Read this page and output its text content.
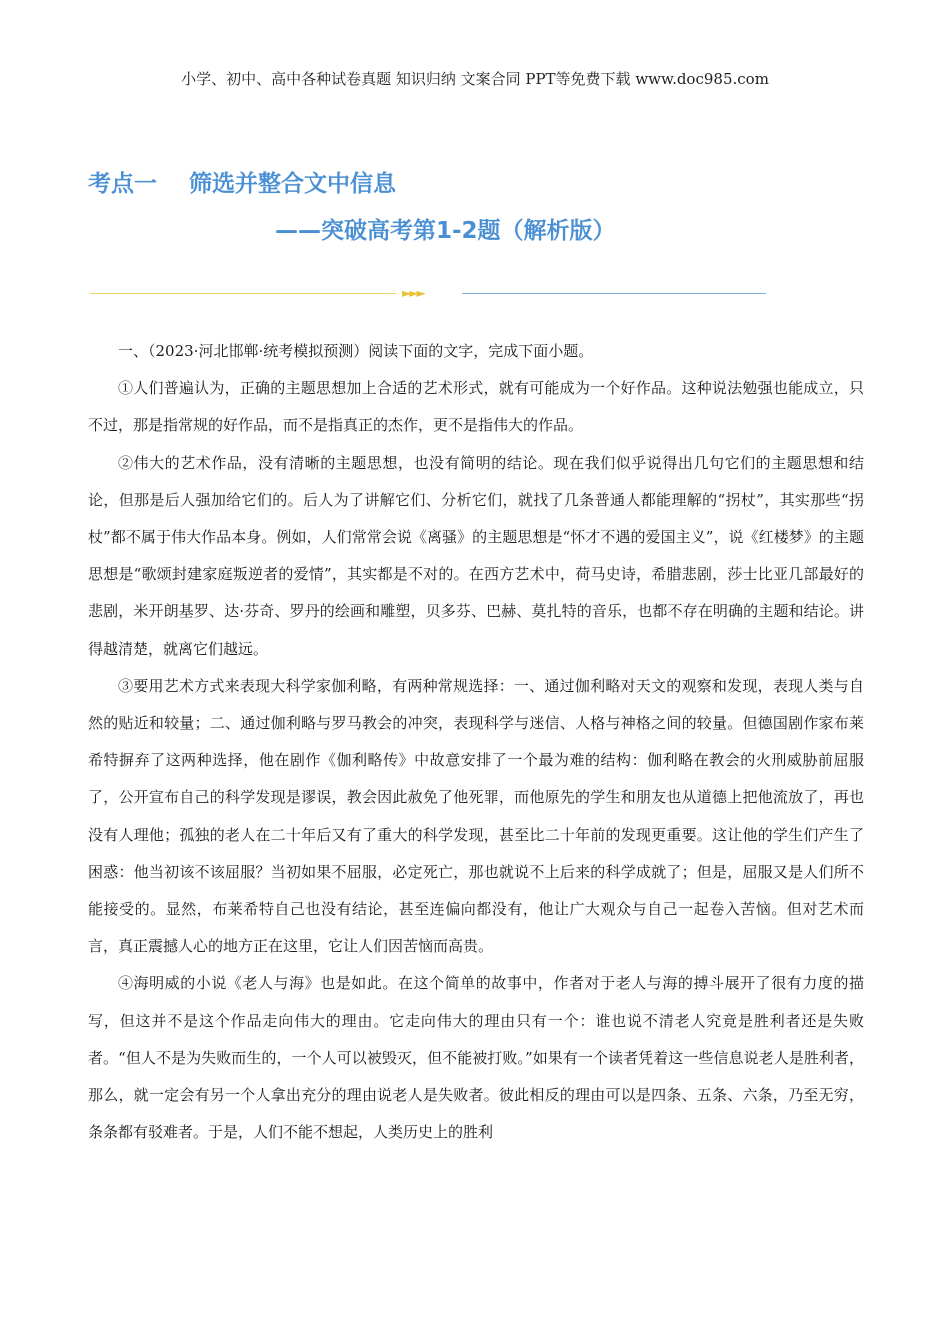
小学、初中、高中各种试卷真题 知识归纳 文案合同 PPT等免费下载 www.doc985.com
考点一    筛选并整合文中信息
——突破高考第1-2题（解析版）
►►►

一、（2023·河北邯郸·统考模拟预测）阅读下面的文字，完成下面小题。

①人们普遍认为，正确的主题思想加上合适的艺术形式，就有可能成为一个好作品。这种说法勉强也能成立，只不过，那是指常规的好作品，而不是指真正的杰作，更不是指伟大的作品。

②伟大的艺术作品，没有清晰的主题思想，也没有简明的结论。现在我们似乎说得出几句它们的主题思想和结论，但那是后人强加给它们的。后人为了讲解它们、分析它们，就找了几条普通人都能理解的“拐杖”，其实那些“拐杖”都不属于伟大作品本身。例如，人们常常会说《离骚》的主题思想是“怀才不遇的爱国主义”，说《红楼梦》的主题思想是“歌颂封建家庭叛逆者的爱情”，其实都是不对的。在西方艺术中，荷马史诗，希腊悲剧，莎士比亚几部最好的悲剧，米开朗基罗、达·芬奇、罗丹的绘画和雕塑，贝多芬、巴赫、莫扎特的音乐，也都不存在明确的主题和结论。讲得越清楚，就离它们越远。

③要用艺术方式来表现大科学家伽利略，有两种常规选择：一、通过伽利略对天文的观察和发现，表现人类与自然的贴近和较量；二、通过伽利略与罗马教会的冲突，表现科学与迷信、人格与神格之间的较量。但德国剧作家布莱希特摒弃了这两种选择，他在剧作《伽利略传》中故意安排了一个最为难的结构：伽利略在教会的火刑威胁前屈服了，公开宣布自己的科学发现是谬误，教会因此赦免了他死罪，而他原先的学生和朋友也从道德上把他流放了，再也没有人理他；孤独的老人在二十年后又有了重大的科学发现，甚至比二十年前的发现更重要。这让他的学生们产生了困惑：他当初该不该屈服？当初如果不屈服，必定死亡，那也就说不上后来的科学成就了；但是，屈服又是人们所不能接受的。显然，布莱希特自己也没有结论，甚至连偏向都没有，他让广大观众与自己一起卷入苦恼。但对艺术而言，真正震撼人心的地方正在这里，它让人们因苦恼而高贵。

④海明威的小说《老人与海》也是如此。在这个简单的故事中，作者对于老人与海的搏斗展开了很有力度的描写，但这并不是这个作品走向伟大的理由。它走向伟大的理由只有一个：谁也说不清老人究竟是胜利者还是失败者。“但人不是为失败而生的，一个人可以被毁灭，但不能被打败。”如果有一个读者凭着这一些信息说老人是胜利者，那么，就一定会有另一个人拿出充分的理由说老人是失败者。彼此相反的理由可以是四条、五条、六条，乃至无穷，条条都有驳难者。于是，人们不能不想起，人类历史上的胜利
